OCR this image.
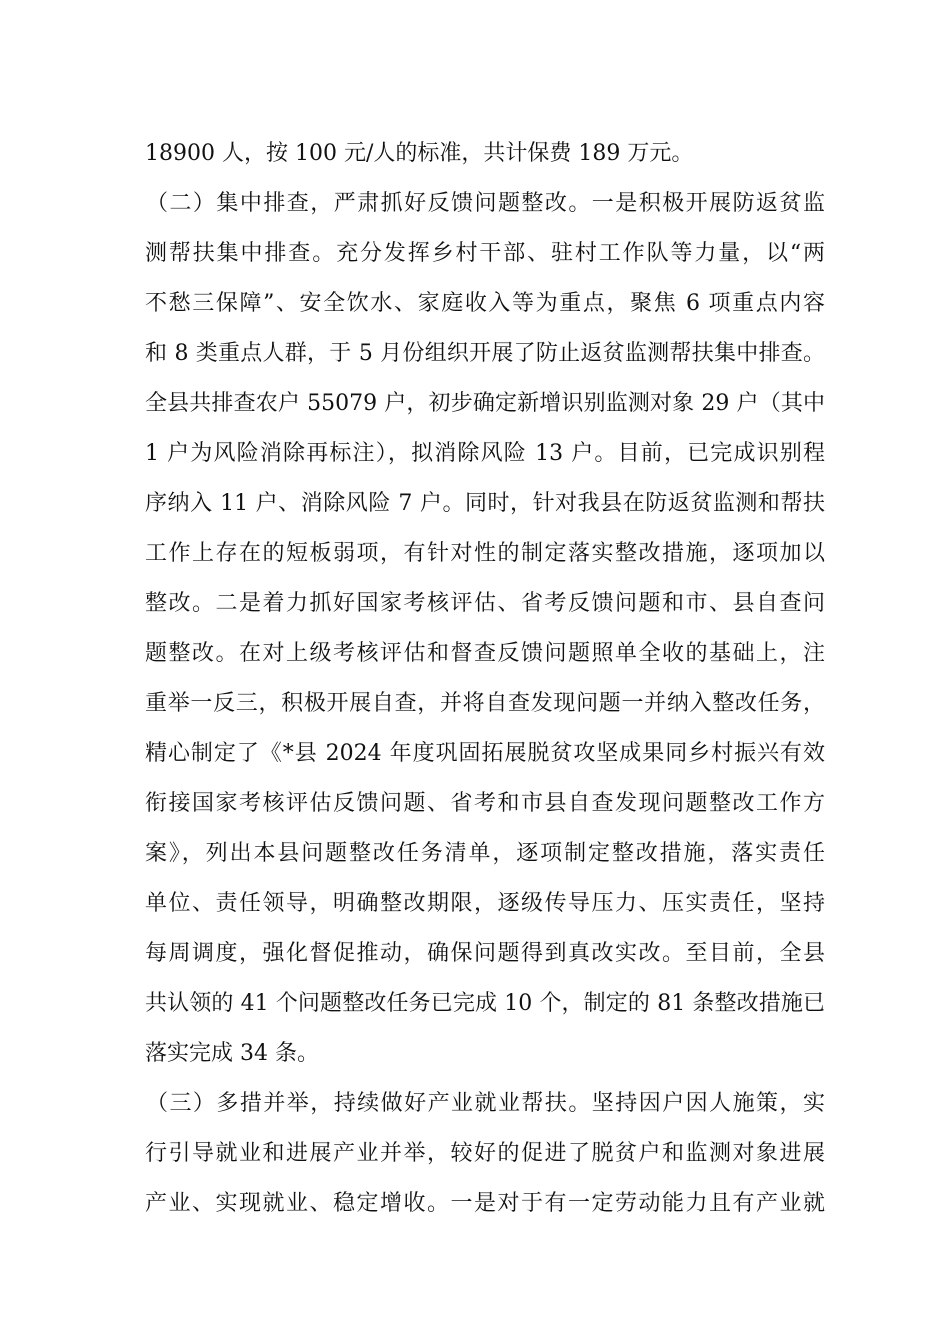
18900 人，按 100 元/人的标准，共计保费 189 万元。
（二）集中排查，严肃抓好反馈问题整改。一是积极开展防返贫监
测帮扶集中排查。充分发挥乡村干部、驻村工作队等力量，以“两
不愁三保障”、安全饮水、家庭收入等为重点，聚焦 6 项重点内容
和 8 类重点人群，于 5 月份组织开展了防止返贫监测帮扶集中排查。
全县共排查农户 55079 户，初步确定新增识别监测对象 29 户（其中
1 户为风险消除再标注），拟消除风险 13 户。目前，已完成识别程
序纳入 11 户、消除风险 7 户。同时，针对我县在防返贫监测和帮扶
工作上存在的短板弱项，有针对性的制定落实整改措施，逐项加以
整改。二是着力抓好国家考核评估、省考反馈问题和市、县自查问
题整改。在对上级考核评估和督查反馈问题照单全收的基础上，注
重举一反三，积极开展自查，并将自查发现问题一并纳入整改任务，
精心制定了《*县 2024 年度巩固拓展脱贫攻坚成果同乡村振兴有效
衔接国家考核评估反馈问题、省考和市县自查发现问题整改工作方
案》，列出本县问题整改任务清单，逐项制定整改措施，落实责任
单位、责任领导，明确整改期限，逐级传导压力、压实责任，坚持
每周调度，强化督促推动，确保问题得到真改实改。至目前，全县
共认领的 41 个问题整改任务已完成 10 个，制定的 81 条整改措施已
落实完成 34 条。
（三）多措并举，持续做好产业就业帮扶。坚持因户因人施策，实
行引导就业和进展产业并举，较好的促进了脱贫户和监测对象进展
产业、实现就业、稳定增收。一是对于有一定劳动能力且有产业就
